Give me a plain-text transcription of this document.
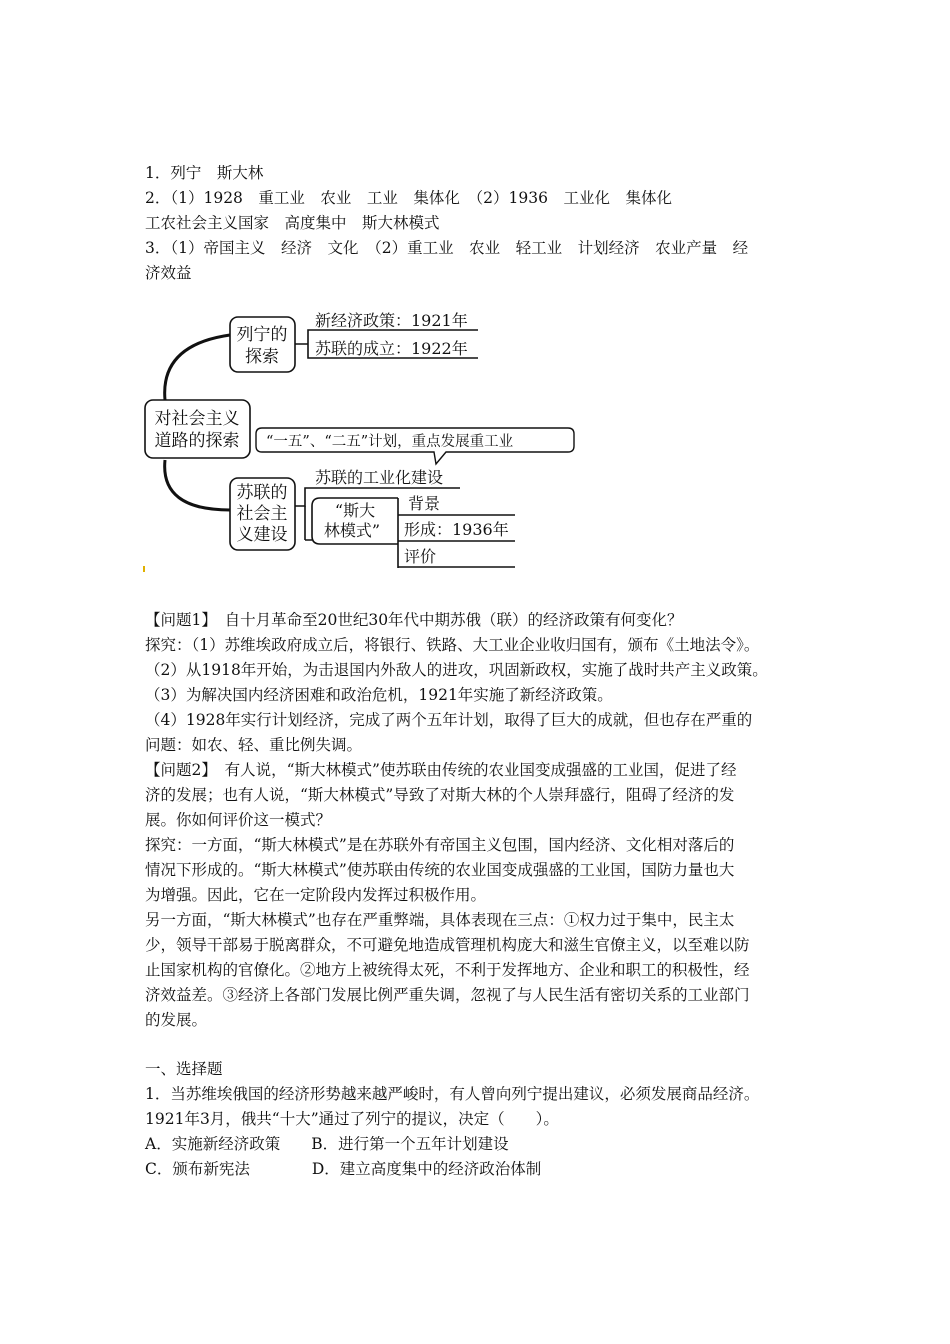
1．列宁　斯大林
2．（1）1928　重工业　农业　工业　集体化　（2）1936　工业化　集体化
工农社会主义国家　高度集中　斯大林模式
3．（1）帝国主义　经济　文化　（2）重工业　农业　轻工业　计划经济　农业产量　经
济效益
对社会主义
道路的探索
列宁的
探索
新经济政策：1921年
苏联的成立：1922年
“一五”、“二五”计划，重点发展重工业
苏联的
社会主
义建设
苏联的工业化建设
“斯大
林模式”
背景
形成：1936年
评价
【问题1】　自十月革命至20世纪30年代中期苏俄（联）的经济政策有何变化？
探究：（1）苏维埃政府成立后，将银行、铁路、大工业企业收归国有，颁布《土地法令》。
（2）从1918年开始，为击退国内外敌人的进攻，巩固新政权，实施了战时共产主义政策。
（3）为解决国内经济困难和政治危机，1921年实施了新经济政策。
（4）1928年实行计划经济，完成了两个五年计划，取得了巨大的成就，但也存在严重的
问题：如农、轻、重比例失调。
【问题2】　有人说，“斯大林模式”使苏联由传统的农业国变成强盛的工业国，促进了经
济的发展；也有人说，“斯大林模式”导致了对斯大林的个人崇拜盛行，阻碍了经济的发
展。你如何评价这一模式？
探究：一方面，“斯大林模式”是在苏联外有帝国主义包围，国内经济、文化相对落后的
情况下形成的。“斯大林模式”使苏联由传统的农业国变成强盛的工业国，国防力量也大
为增强。因此，它在一定阶段内发挥过积极作用。
另一方面，“斯大林模式”也存在严重弊端，具体表现在三点：①权力过于集中，民主太
少，领导干部易于脱离群众，不可避免地造成管理机构庞大和滋生官僚主义，以至难以防
止国家机构的官僚化。②地方上被统得太死，不利于发挥地方、企业和职工的积极性，经
济效益差。③经济上各部门发展比例严重失调，忽视了与人民生活有密切关系的工业部门
的发展。
一、选择题
1．当苏维埃俄国的经济形势越来越严峻时，有人曾向列宁提出建议，必须发展商品经济。
1921年3月，俄共“十大”通过了列宁的提议，决定（　　）。
A．实施新经济政策　　B．进行第一个五年计划建设
C．颁布新宪法　　　　D．建立高度集中的经济政治体制
